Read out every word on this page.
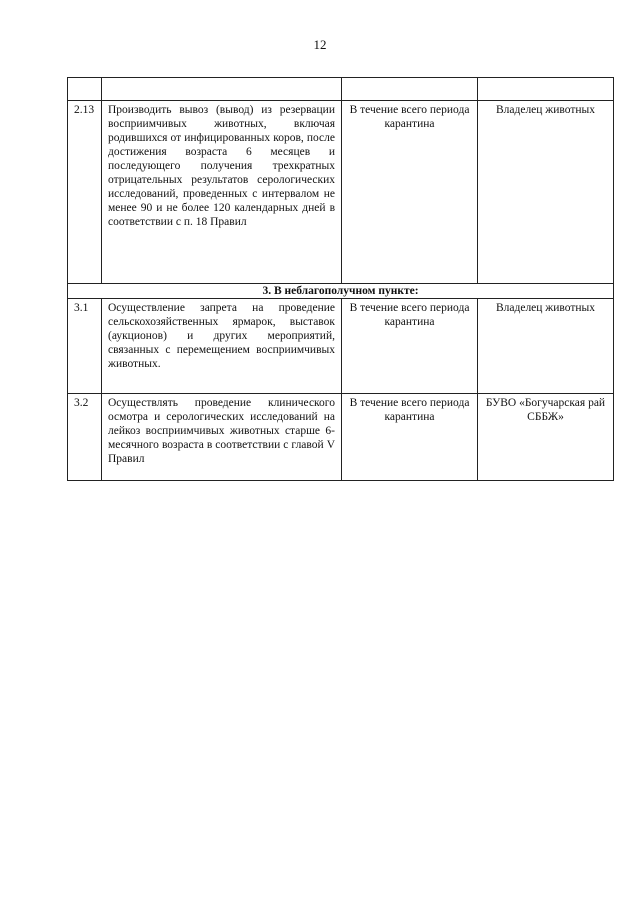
12

2.13	Производить вывоз (вывод) из резервации восприимчивых животных, включая родившихся от инфицированных коров, после достижения возраста 6 месяцев и последующего получения трехкратных отрицательных результатов серологических исследований, проведенных с интервалом не менее 90 и не более 120 календарных дней в соответствии с п. 18 Правил	В течение всего периода карантина	Владелец животных
3. В неблагополучном пункте:			
3.1	Осуществление запрета на проведение сельскохозяйственных ярмарок, выставок (аукционов) и других мероприятий, связанных с перемещением восприимчивых животных.	В течение всего периода карантина	Владелец животных
3.2	Осуществлять проведение клинического осмотра и серологических исследований на лейкоз восприимчивых животных старше 6-месячного возраста в соответствии с главой V Правил	В течение всего периода карантина	БУВО «Богучарская рай СББЖ»
